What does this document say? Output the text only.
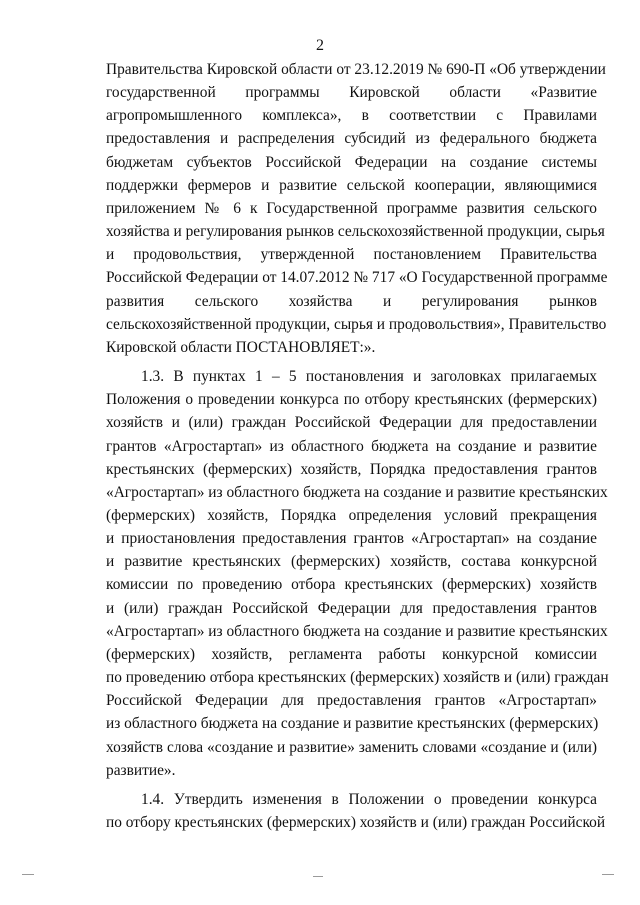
2
Правительства Кировской области от 23.12.2019 № 690-П «Об утверждении
государственной программы Кировской области «Развитие
агропромышленного комплекса», в соответствии с Правилами
предоставления и распределения субсидий из федерального бюджета
бюджетам субъектов Российской Федерации на создание системы
поддержки фермеров и развитие сельской кооперации, являющимися
приложением № 6 к Государственной программе развития сельского
хозяйства и регулирования рынков сельскохозяйственной продукции, сырья
и продовольствия, утвержденной постановлением Правительства
Российской Федерации от 14.07.2012 № 717 «О Государственной программе
развития сельского хозяйства и регулирования рынков
сельскохозяйственной продукции, сырья и продовольствия», Правительство
Кировской области ПОСТАНОВЛЯЕТ:».
1.3. В пунктах 1 – 5 постановления и заголовках прилагаемых
Положения о проведении конкурса по отбору крестьянских (фермерских)
хозяйств и (или) граждан Российской Федерации для предоставлении
грантов «Агростартап» из областного бюджета на создание и развитие
крестьянских (фермерских) хозяйств, Порядка предоставления грантов
«Агростартап» из областного бюджета на создание и развитие крестьянских
(фермерских) хозяйств, Порядка определения условий прекращения
и приостановления предоставления грантов «Агростартап» на создание
и развитие крестьянских (фермерских) хозяйств, состава конкурсной
комиссии по проведению отбора крестьянских (фермерских) хозяйств
и (или) граждан Российской Федерации для предоставления грантов
«Агростартап» из областного бюджета на создание и развитие крестьянских
(фермерских) хозяйств, регламента работы конкурсной комиссии
по проведению отбора крестьянских (фермерских) хозяйств и (или) граждан
Российской Федерации для предоставления грантов «Агростартап»
из областного бюджета на создание и развитие крестьянских (фермерских)
хозяйств слова «создание и развитие» заменить словами «создание и (или)
развитие».
1.4. Утвердить изменения в Положении о проведении конкурса
по отбору крестьянских (фермерских) хозяйств и (или) граждан Российской
